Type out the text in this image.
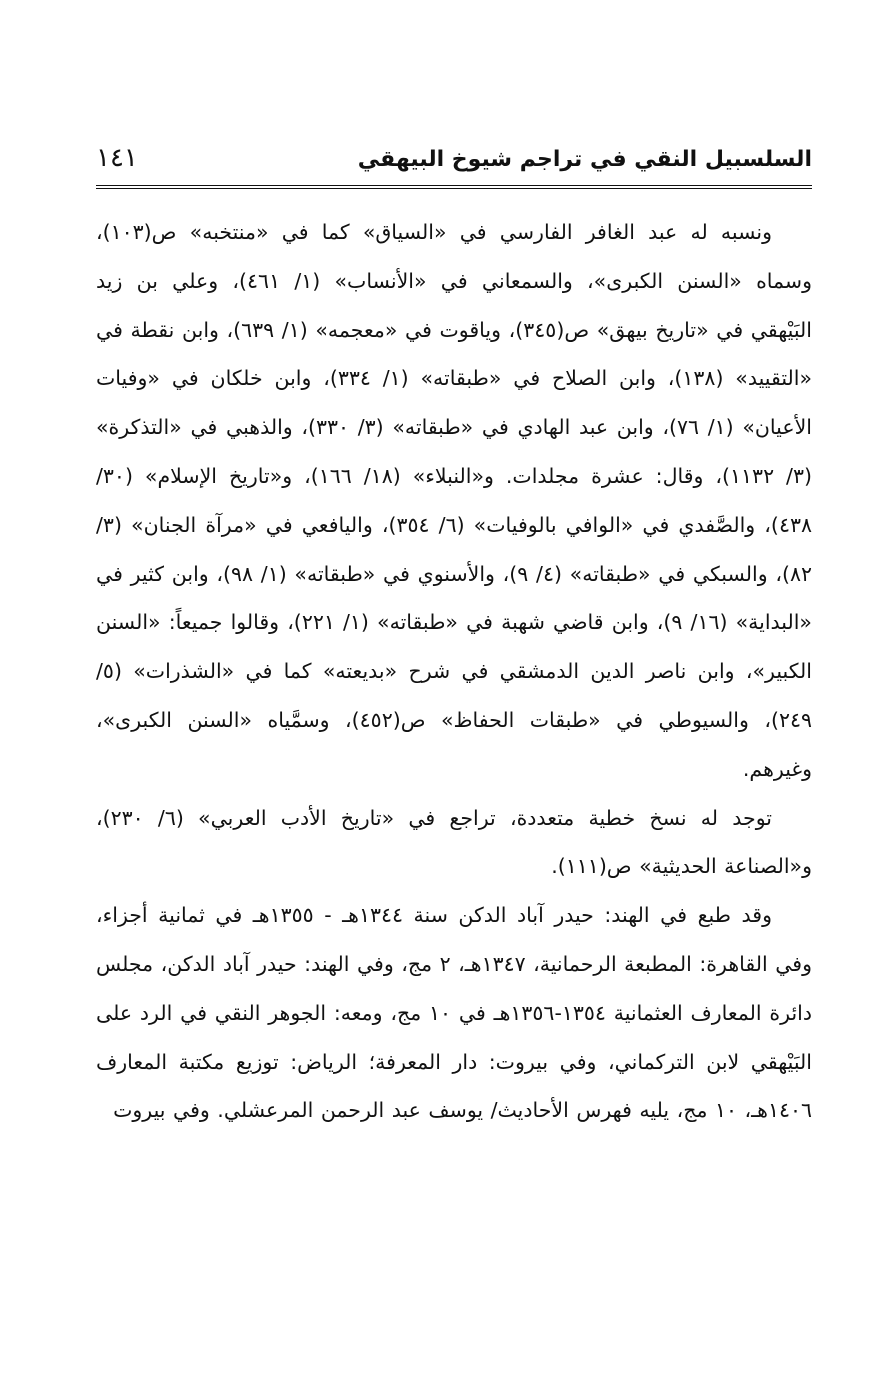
السلسبيل النقي في تراجم شيوخ البيهقي
١٤١

ونسبه له عبد الغافر الفارسي في «السياق» كما في «منتخبه» ص(١٠٣)، وسماه «السنن الكبرى»، والسمعاني في «الأنساب» (١/ ٤٦١)، وعلي بن زيد البَيْهقي في «تاريخ بيهق» ص(٣٤٥)، وياقوت في «معجمه» (١/ ٦٣٩)، وابن نقطة في «التقييد» (١٣٨)، وابن الصلاح في «طبقاته» (١/ ٣٣٤)، وابن خلكان في «وفيات الأعيان» (١/ ٧٦)، وابن عبد الهادي في «طبقاته» (٣/ ٣٣٠)، والذهبي في «التذكرة» (٣/ ١١٣٢)، وقال: عشرة مجلدات. و«النبلاء» (١٨/ ١٦٦)، و«تاريخ الإسلام» (٣٠/ ٤٣٨)، والصَّفدي في «الوافي بالوفيات» (٦/ ٣٥٤)، واليافعي في «مرآة الجنان» (٣/ ٨٢)، والسبكي في «طبقاته» (٤/ ٩)، والأسنوي في «طبقاته» (١/ ٩٨)، وابن كثير في «البداية» (١٦/ ٩)، وابن قاضي شهبة في «طبقاته» (١/ ٢٢١)، وقالوا جميعاً: «السنن الكبير»، وابن ناصر الدين الدمشقي في شرح «بديعته» كما في «الشذرات» (٥/ ٢٤٩)، والسيوطي في «طبقات الحفاظ» ص(٤٥٢)، وسمَّياه «السنن الكبرى»، وغيرهم.

توجد له نسخ خطية متعددة، تراجع في «تاريخ الأدب العربي» (٦/ ٢٣٠)، و«الصناعة الحديثية» ص(١١١).

وقد طبع في الهند: حيدر آباد الدكن سنة ١٣٤٤هـ - ١٣٥٥هـ في ثمانية أجزاء، وفي القاهرة: المطبعة الرحمانية، ١٣٤٧هـ، ٢ مج، وفي الهند: حيدر آباد الدكن، مجلس دائرة المعارف العثمانية ١٣٥٤-١٣٥٦هـ في ١٠ مج، ومعه: الجوهر النقي في الرد على البَيْهقي لابن التركماني، وفي بيروت: دار المعرفة؛ الرياض: توزيع مكتبة المعارف ١٤٠٦هـ، ١٠ مج، يليه فهرس الأحاديث/ يوسف عبد الرحمن المرعشلي. وفي بيروت
